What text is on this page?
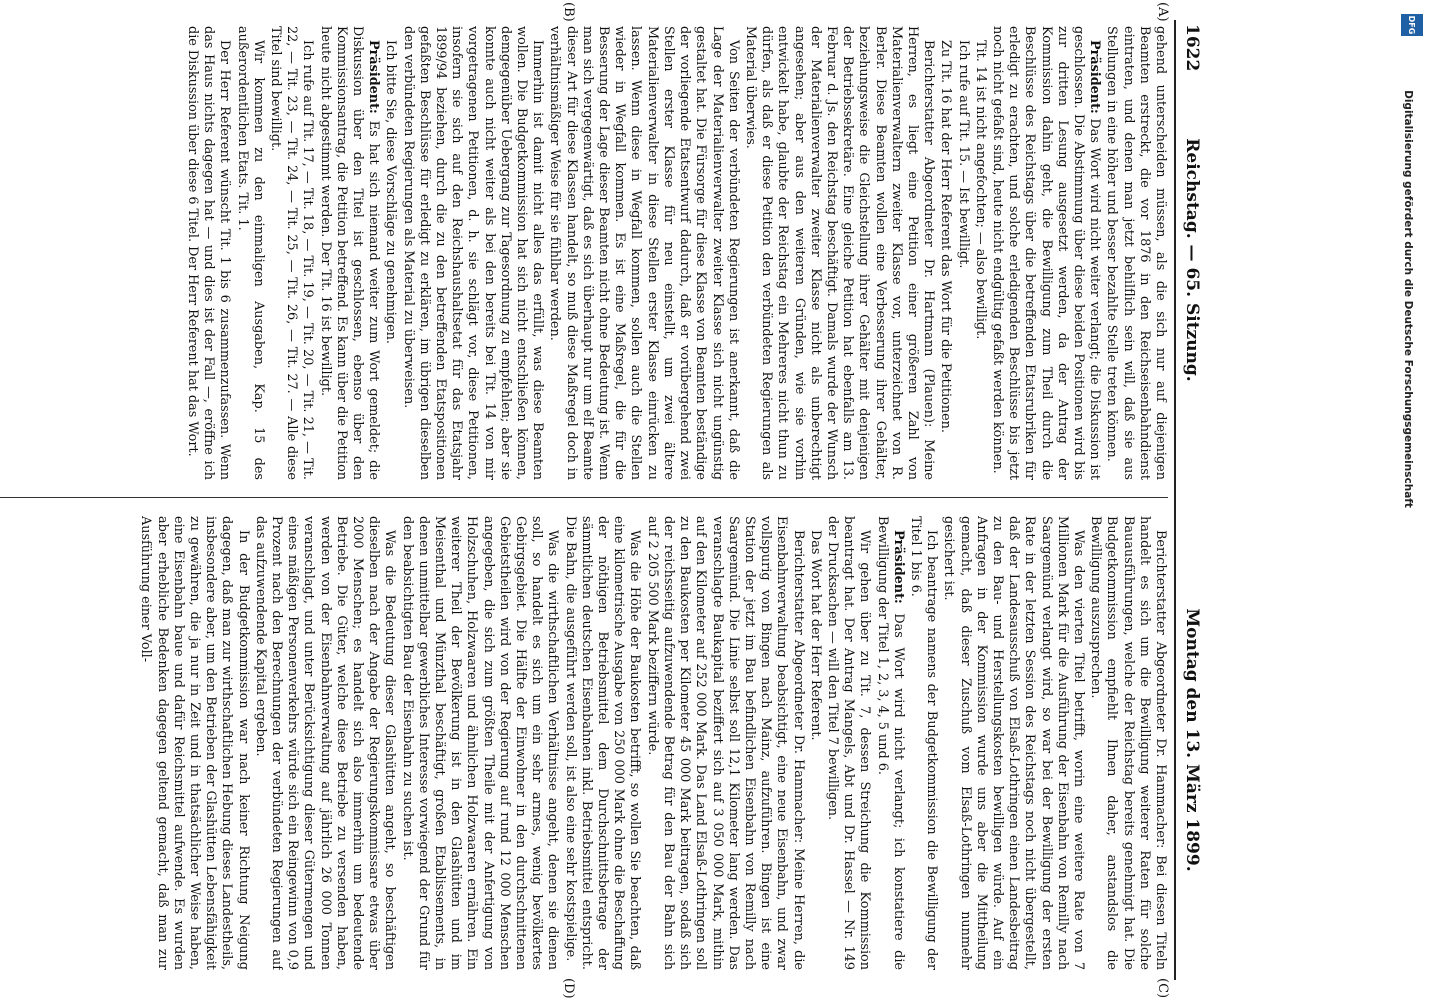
DFG
Digitalisierung gefördert durch die Deutsche Forschungsgemeinschaft
1622
Reichstag. — 65. Sitzung.
Montag den 13. März 1899.
(A)
(B)
(C)
(D)

gehend unterscheiden müssen, als die sich nur auf diejenigen Beamten erstreckt, die vor 1876 in den Reichseisenbahndienst eintraten, und denen man jetzt behilflich sein will, daß sie aus Stellungen in eine höher und besser bezahlte Stelle treten können.

Präsident: Das Wort wird nicht weiter verlangt; die Diskussion ist geschlossen. Die Abstimmung über diese beiden Positionen wird bis zur dritten Lesung ausgesetzt werden, da der Antrag der Kommission dahin geht, die Bewilligung zum Theil durch die Beschlüsse des Reichstags über die betreffenden Etatsrubriken für erledigt zu erachten, und solche erledigenden Beschlüsse bis jetzt noch nicht gefaßt sind, heute nicht endgültig gefaßt werden können.

Tit. 14 ist nicht angefochten; — also bewilligt.

Ich rufe auf Tit. 15. — Ist bewilligt.

Zu Tit. 16 hat der Herr Referent das Wort für die Petitionen.

Berichterstatter Abgeordneter Dr. Hartmann (Plauen): Meine Herren, es liegt eine Petition einer größeren Zahl von Materialienverwaltern zweiter Klasse vor, unterzeichnet von R. Berler. Diese Beamten wollen eine Verbesserung ihrer Gehälter, beziehungsweise die Gleichstellung ihrer Gehälter mit denjenigen der Betriebssekretäre. Eine gleiche Petition hat ebenfalls am 13. Februar d. Js. den Reichstag beschäftigt. Damals wurde der Wunsch der Materialienverwalter zweiter Klasse nicht als unberechtigt angesehen; aber aus den weiteren Gründen, wie sie vorhin entwickelt habe, glaubte der Reichstag ein Mehreres nicht thun zu dürfen, als daß er diese Petition den verbündeten Regierungen als Material überwies.

Von Seiten der verbündeten Regierungen ist anerkannt, daß die Lage der Materialienverwalter zweiter Klasse sich nicht ungünstig gestaltet hat. Die Fürsorge für diese Klasse von Beamten beständige der vorliegende Etatsentwurf dadurch, daß er vorübergehend zwei Stellen erster Klasse für neu einstellt, um zwei ältere Materialienverwalter in diese Stellen erster Klasse einrücken zu lassen. Wenn diese in Wegfall kommen, sollen auch die Stellen wieder in Wegfall kommen. Es ist eine Maßregel, die für die Besserung der Lage dieser Beamten nicht ohne Bedeutung ist. Wenn man sich vergegenwärtigt, daß es sich überhaupt nur um elf Beamte dieser Art für diese Klassen handelt, so muß diese Maßregel doch in verhältnismäßiger Weise für sie fühlbar werden.

Immerhin ist damit nicht alles das erfüllt, was diese Beamten wollen. Die Budgetkommission hat sich nicht entschließen können, demgegenüber Uebergang zur Tagesordnung zu empfehlen; aber sie konnte auch nicht weiter als bei den bereits bei Tit. 14 von mir vorgetragenen Petitionen, d. h. sie schlägt vor, diese Petitionen, insofern sie sich auf den Reichshaushaltsetat für das Etatsjahr 1899/94 beziehen, durch die zu den betreffenden Etatspositionen gefaßten Beschlüsse für erledigt zu erklären, im übrigen dieselben den verbündeten Regierungen als Material zu überweisen.

Ich bitte Sie, diese Vorschläge zu genehmigen.

Präsident: Es hat sich niemand weiter zum Wort gemeldet; die Diskussion über den Titel ist geschlossen, ebenso über den Kommissionsantrag, die Petition betreffend. Es kann über die Petition heute nicht abgestimmt werden. Der Tit. 16 ist bewilligt.

Ich rufe auf Tit. 17, — Tit. 18, — Tit. 19, — Tit. 20, — Tit. 21, — Tit. 22, — Tit. 23, — Tit. 24, — Tit. 25, — Tit. 26, — Tit. 27. — Alle diese Titel sind bewilligt.

Wir kommen zu den einmaligen Ausgaben, Kap. 15 des außerordentlichen Etats. Tit. 1.

Der Herr Referent wünscht Tit. 1 bis 6 zusammenzufassen. Wenn das Haus nichts dagegen hat — und dies ist der Fall —, eröffne ich die Diskussion über diese 6 Titel. Der Herr Referent hat das Wort.

Berichterstatter Abgeordneter Dr. Hammacher: Bei diesen Titeln handelt es sich um die Bewilligung weiterer Raten für solche Bauausführungen, welche der Reichstag bereits genehmigt hat. Die Budgetkommission empfiehlt Ihnen daher, anstandslos die Bewilligung auszusprechen.

Was den vierten Titel betrifft, worin eine weitere Rate von 7 Millionen Mark für die Ausführung der Eisenbahn von Remilly nach Saargemünd verlangt wird, so war bei der Bewilligung der ersten Rate in der letzten Session des Reichstags noch nicht übergestellt, daß der Landesausschuß von Elsaß-Lothringen einen Landesbeitrag zu den Bau- und Herstellungskosten bewilligen würde. Auf ein Anfragen in der Kommission wurde uns aber die Mittheilung gemacht, daß dieser Zuschuß vom Elsaß-Lothringen nunmehr gesichert ist.

Ich beantrage namens der Budgetkommission die Bewilligung der Titel 1 bis 6.

Präsident: Das Wort wird nicht verlangt; ich konstatiere die Bewilligung der Titel 1, 2, 3, 4, 5 und 6.

Wir gehen über zu Tit. 7, dessen Streichung die Kommission beantragt hat. Der Antrag Mangels, Abt und Dr. Hassel — Nr. 149 der Drucksachen — will den Titel 7 bewilligen.

Das Wort hat der Herr Referent.

Berichterstatter Abgeordneter Dr. Hammacher: Meine Herren, die Eisenbahnverwaltung beabsichtigt, eine neue Eisenbahn, und zwar vollspurig von Bingen nach Mainz, aufzuführen. Bingen ist eine Station der jetzt im Bau befindlichen Eisenbahn von Remilly nach Saargemünd. Die Linie selbst soll 12,1 Kilometer lang werden. Das veranschlagte Baukapital beziffert sich auf 3 050 000 Mark, mithin auf den Kilometer auf 252 000 Mark. Das Land Elsaß-Lothringen soll zu den Baukosten per Kilometer 45 000 Mark beitragen, sodaß sich der reichsseitig aufzuwendende Betrag für den Bau der Bahn sich auf 2 205 500 Mark beziffern würde.

Was die Höhe der Baukosten betrifft, so wollen Sie beachten, daß eine kilometrische Ausgabe von 250 000 Mark ohne die Beschaffung der nöthigen Betriebsmittel dem Durchschnittsbetrage der sämmtlichen deutschen Eisenbahnen inkl. Betriebsmittel entspricht. Die Bahn, die ausgeführt werden soll, ist also eine sehr kostspielige.

Was die wirthschaftlichen Verhältnisse angeht, denen sie dienen soll, so handelt es sich um ein sehr armes, wenig bevölkertes Gebirgsgebiet. Die Hälfte der Einwohner in den durchschnittenen Gebietstheilen wird von der Regierung auf rund 12 000 Menschen angegeben, die sich zum größten Theile mit der Anfertigung von Holzschuhen, Holzwaaren und ähnlichen Holzwaaren ernähren. Ein weiterer Theil der Bevölkerung ist in den Glashütten und im Meisenthal und Münzthal beschäftigt, großen Etablissements, in denen unmittelbar gewerbliches Interesse vorwiegend der Grund für den beabsichtigten Bau der Eisenbahn zu suchen ist.

Was die Bedeutung dieser Glashütten angeht, so beschäftigen dieselben nach der Angabe der Regierungskommissare etwas über 2000 Menschen; es handelt sich also immerhin um bedeutende Betriebe. Die Güter, welche diese Betriebe zu versenden haben, werden von der Eisenbahnverwaltung auf jährlich 26 000 Tonnen veranschlagt, und unter Berücksichtigung dieser Gütermengen und eines mäßigen Personenverkehrs würde sich ein Reingewinn von 0,9 Prozent nach den Berechnungen der verbündeten Regierungen auf das aufzuwendende Kapital ergeben.

In der Budgetkommission war nach keiner Richtung Neigung dagegen, daß man zur wirthschaftlichen Hebung dieses Landestheils, insbesondere aber, um den Betrieben der Glashütten Lebensfähigkeit zu gewähren, die ja nur in Zeit und in thatsächlicher Weise haben, eine Eisenbahn baue und dafür Reichsmittel aufwende. Es wurden aber erhebliche Bedenken dagegen geltend gemacht, daß man zur Ausführung einer Voll-
